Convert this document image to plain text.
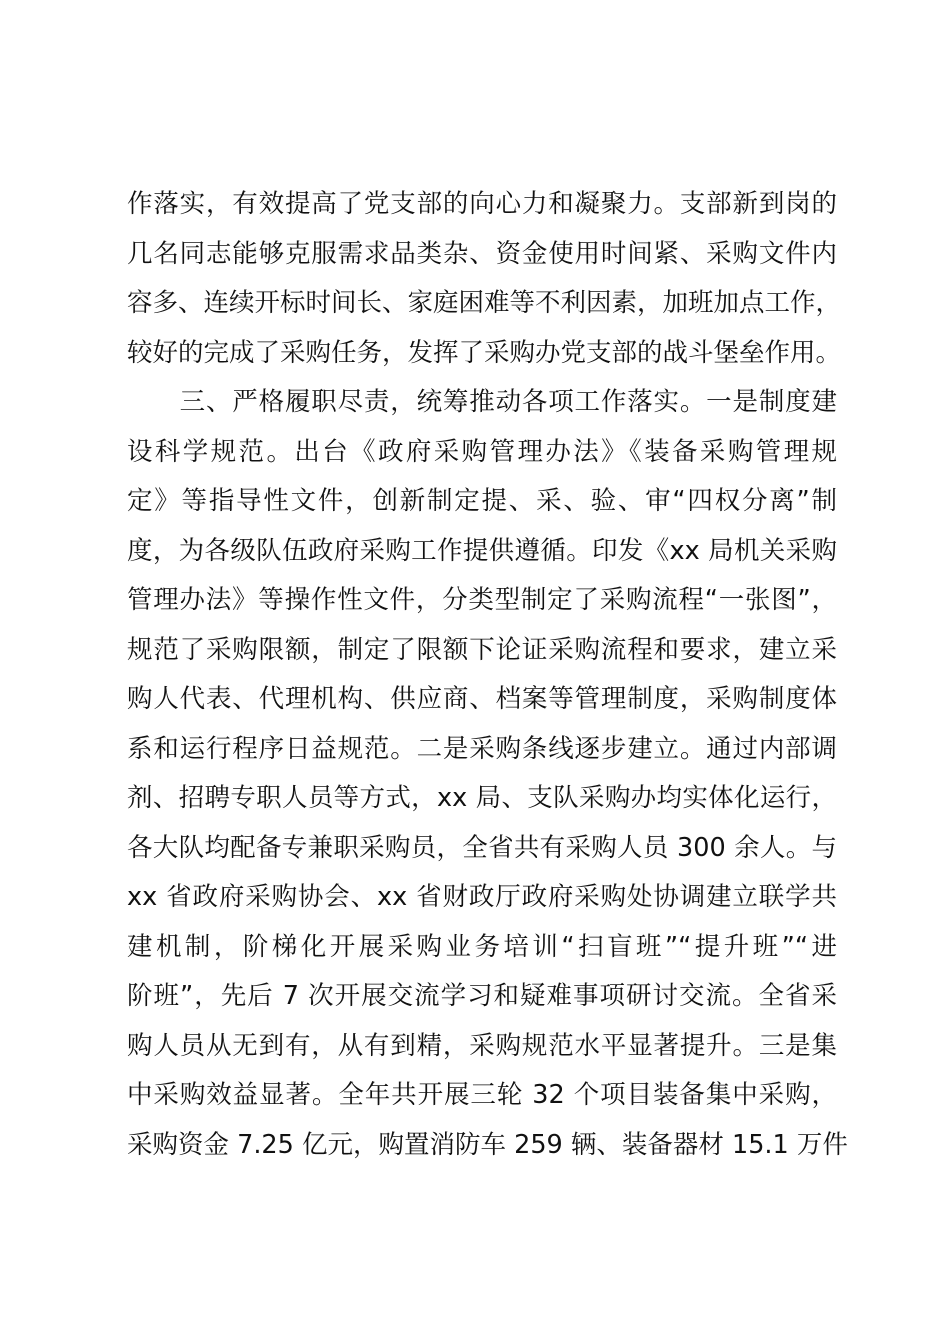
作落实，有效提高了党支部的向心力和凝聚力。支部新到岗的
几名同志能够克服需求品类杂、资金使用时间紧、采购文件内
容多、连续开标时间长、家庭困难等不利因素，加班加点工作，
较好的完成了采购任务，发挥了采购办党支部的战斗堡垒作用。
　　三、严格履职尽责，统筹推动各项工作落实。一是制度建
设科学规范。出台《政府采购管理办法》《装备采购管理规
定》等指导性文件，创新制定提、采、验、审“四权分离”制
度，为各级队伍政府采购工作提供遵循。印发《xx 局机关采购
管理办法》等操作性文件，分类型制定了采购流程“一张图”，
规范了采购限额，制定了限额下论证采购流程和要求，建立采
购人代表、代理机构、供应商、档案等管理制度，采购制度体
系和运行程序日益规范。二是采购条线逐步建立。通过内部调
剂、招聘专职人员等方式，xx 局、支队采购办均实体化运行，
各大队均配备专兼职采购员，全省共有采购人员 300 余人。与
xx 省政府采购协会、xx 省财政厅政府采购处协调建立联学共
建机制，阶梯化开展采购业务培训“扫盲班”“提升班”“进
阶班”，先后 7 次开展交流学习和疑难事项研讨交流。全省采
购人员从无到有，从有到精，采购规范水平显著提升。三是集
中采购效益显著。全年共开展三轮 32 个项目装备集中采购，
采购资金 7.25 亿元，购置消防车 259 辆、装备器材 15.1 万件
